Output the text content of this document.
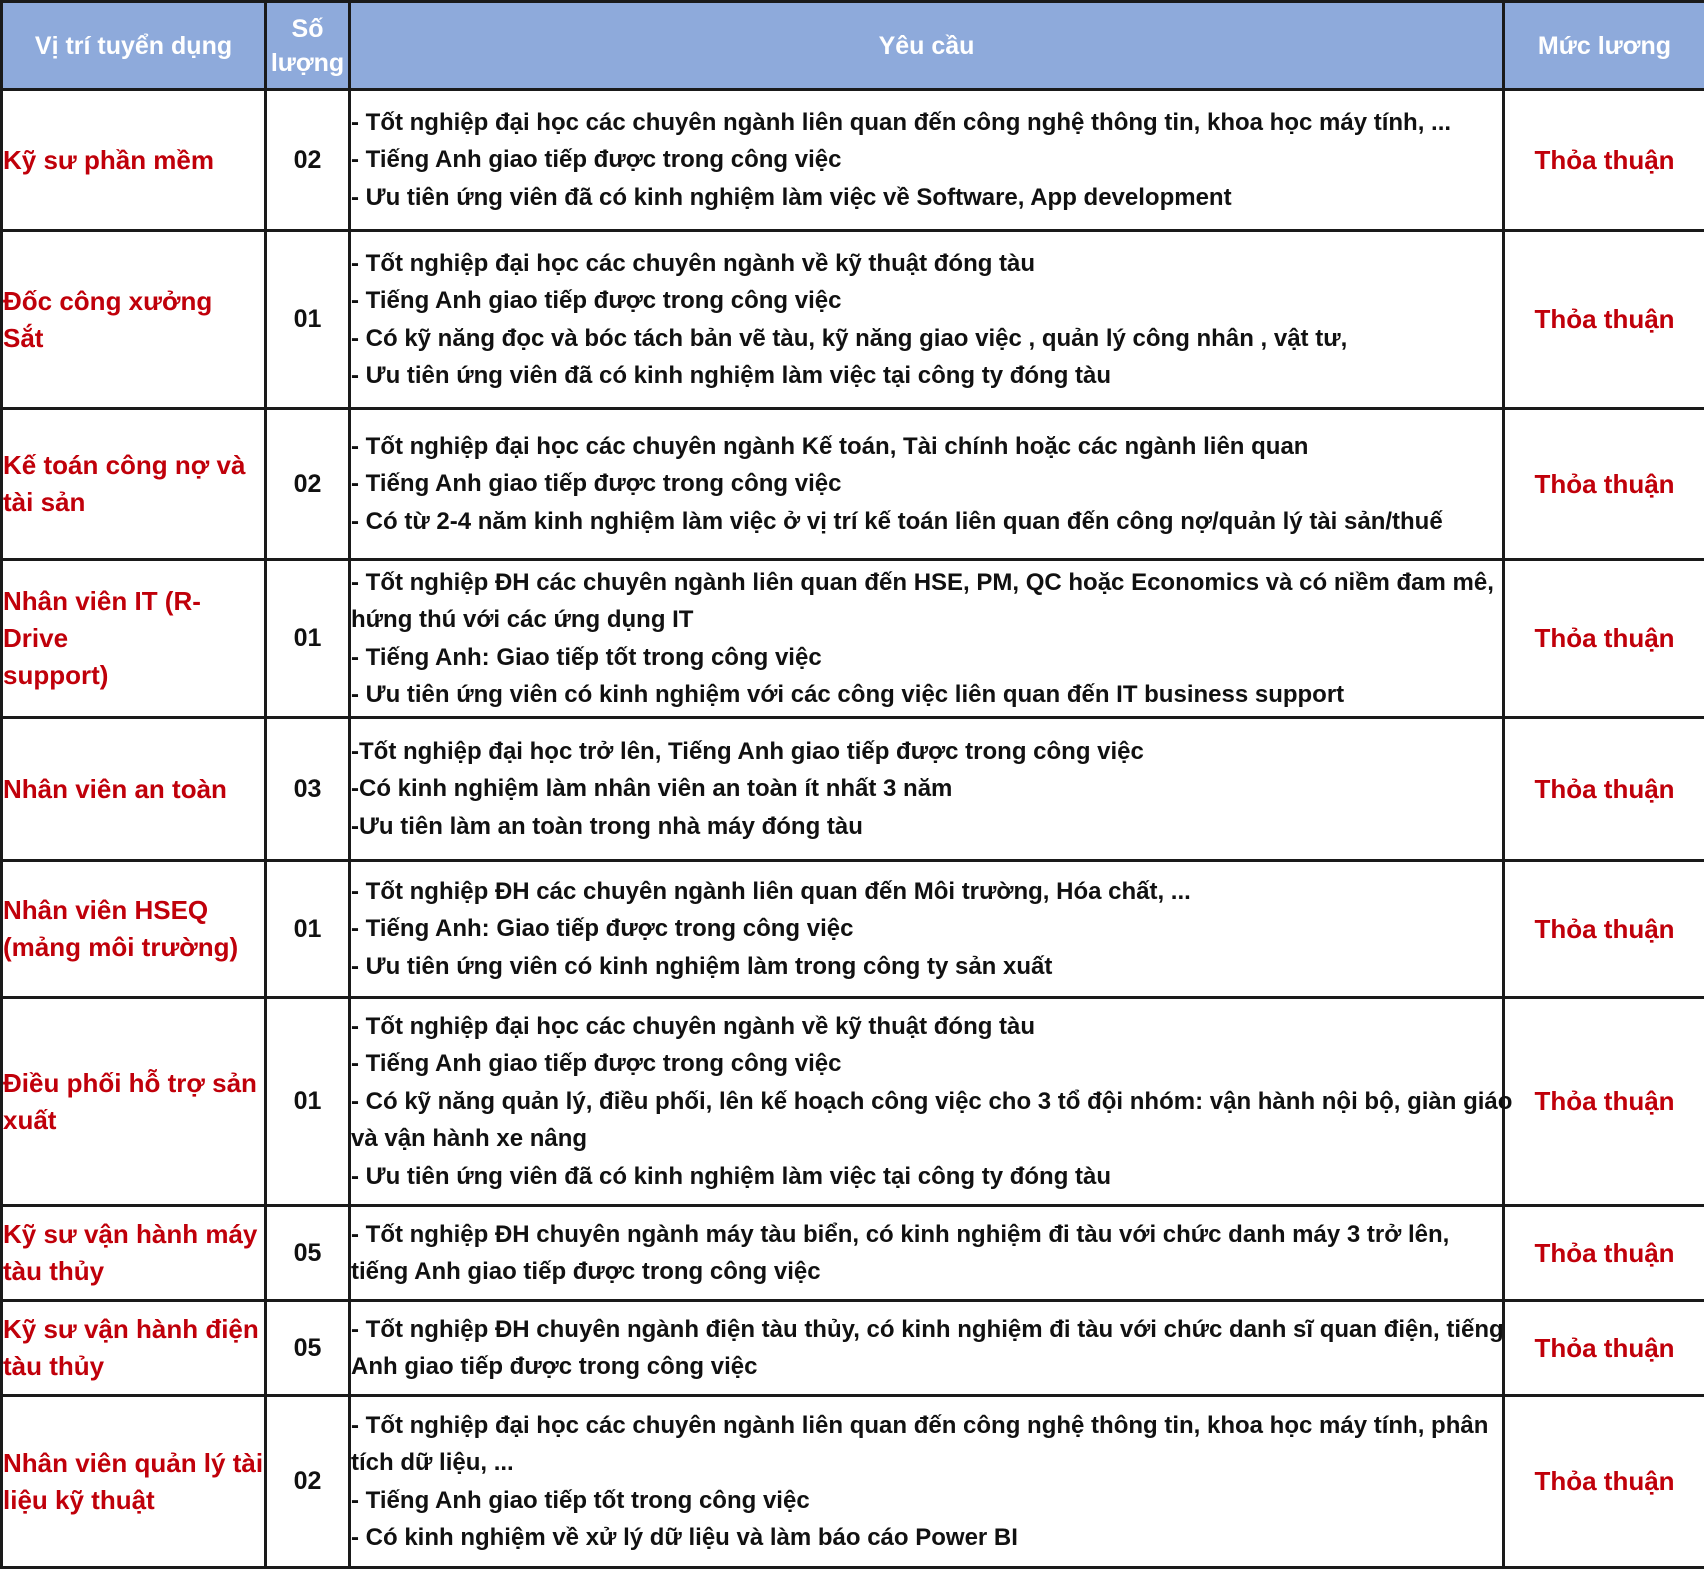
Vị trí tuyển dụng	Số
lượng	Yêu cầu	Mức lương
Kỹ sư phần mềm	02	- Tốt nghiệp đại học các chuyên ngành liên quan đến công nghệ thông tin, khoa học máy tính, ...
- Tiếng Anh giao tiếp được trong công việc
- Ưu tiên ứng viên đã có kinh nghiệm làm việc về Software, App development	Thỏa thuận

Đốc công xưởng
Sắt	01	- Tốt nghiệp đại học các chuyên ngành về kỹ thuật đóng tàu
- Tiếng Anh giao tiếp được trong công việc
- Có kỹ năng đọc và bóc tách bản vẽ tàu, kỹ năng giao việc , quản lý công nhân , vật tư,
- Ưu tiên ứng viên đã có kinh nghiệm làm việc tại công ty đóng tàu	Thỏa thuận

Kế toán công nợ và
tài sản	02	- Tốt nghiệp đại học các chuyên ngành Kế toán, Tài chính hoặc các ngành liên quan
- Tiếng Anh giao tiếp được trong công việc
- Có từ 2-4 năm kinh nghiệm làm việc ở vị trí kế toán liên quan đến công nợ/quản lý tài sản/thuế	Thỏa thuận

Nhân viên IT (R-Drive
support)	01	- Tốt nghiệp ĐH các chuyên ngành liên quan đến HSE, PM, QC hoặc Economics và có niềm đam mê,
hứng thú với các ứng dụng IT
- Tiếng Anh: Giao tiếp tốt trong công việc
- Ưu tiên ứng viên có kinh nghiệm với các công việc liên quan đến IT business support	Thỏa thuận

Nhân viên an toàn	03	-Tốt nghiệp đại học trở lên, Tiếng Anh giao tiếp được trong công việc
-Có kinh nghiệm làm nhân viên an toàn ít nhất 3 năm
-Ưu tiên làm an toàn trong nhà máy đóng tàu	Thỏa thuận

Nhân viên HSEQ
(mảng môi trường)	01	- Tốt nghiệp ĐH các chuyên ngành liên quan đến Môi trường, Hóa chất, ...
- Tiếng Anh: Giao tiếp được trong công việc
- Ưu tiên ứng viên có kinh nghiệm làm trong công ty sản xuất	Thỏa thuận

Điều phối hỗ trợ sản
xuất	01	- Tốt nghiệp đại học các chuyên ngành về kỹ thuật đóng tàu
- Tiếng Anh giao tiếp được trong công việc
- Có kỹ năng quản lý, điều phối, lên kế hoạch công việc cho 3 tổ đội nhóm: vận hành nội bộ, giàn giáo
và vận hành xe nâng
- Ưu tiên ứng viên đã có kinh nghiệm làm việc tại công ty đóng tàu	Thỏa thuận

Kỹ sư vận hành máy
tàu thủy	05	- Tốt nghiệp ĐH chuyên ngành máy tàu biển, có kinh nghiệm đi tàu với chức danh máy 3 trở lên,
tiếng Anh giao tiếp được trong công việc	Thỏa thuận

Kỹ sư vận hành điện
tàu thủy	05	- Tốt nghiệp ĐH chuyên ngành điện tàu thủy, có kinh nghiệm đi tàu với chức danh sĩ quan điện, tiếng
Anh giao tiếp được trong công việc	Thỏa thuận

Nhân viên quản lý tài
liệu kỹ thuật	02	- Tốt nghiệp đại học các chuyên ngành liên quan đến công nghệ thông tin, khoa học máy tính, phân
tích dữ liệu, ...
- Tiếng Anh giao tiếp tốt trong công việc
- Có kinh nghiệm về xử lý dữ liệu và làm báo cáo Power BI	Thỏa thuận
